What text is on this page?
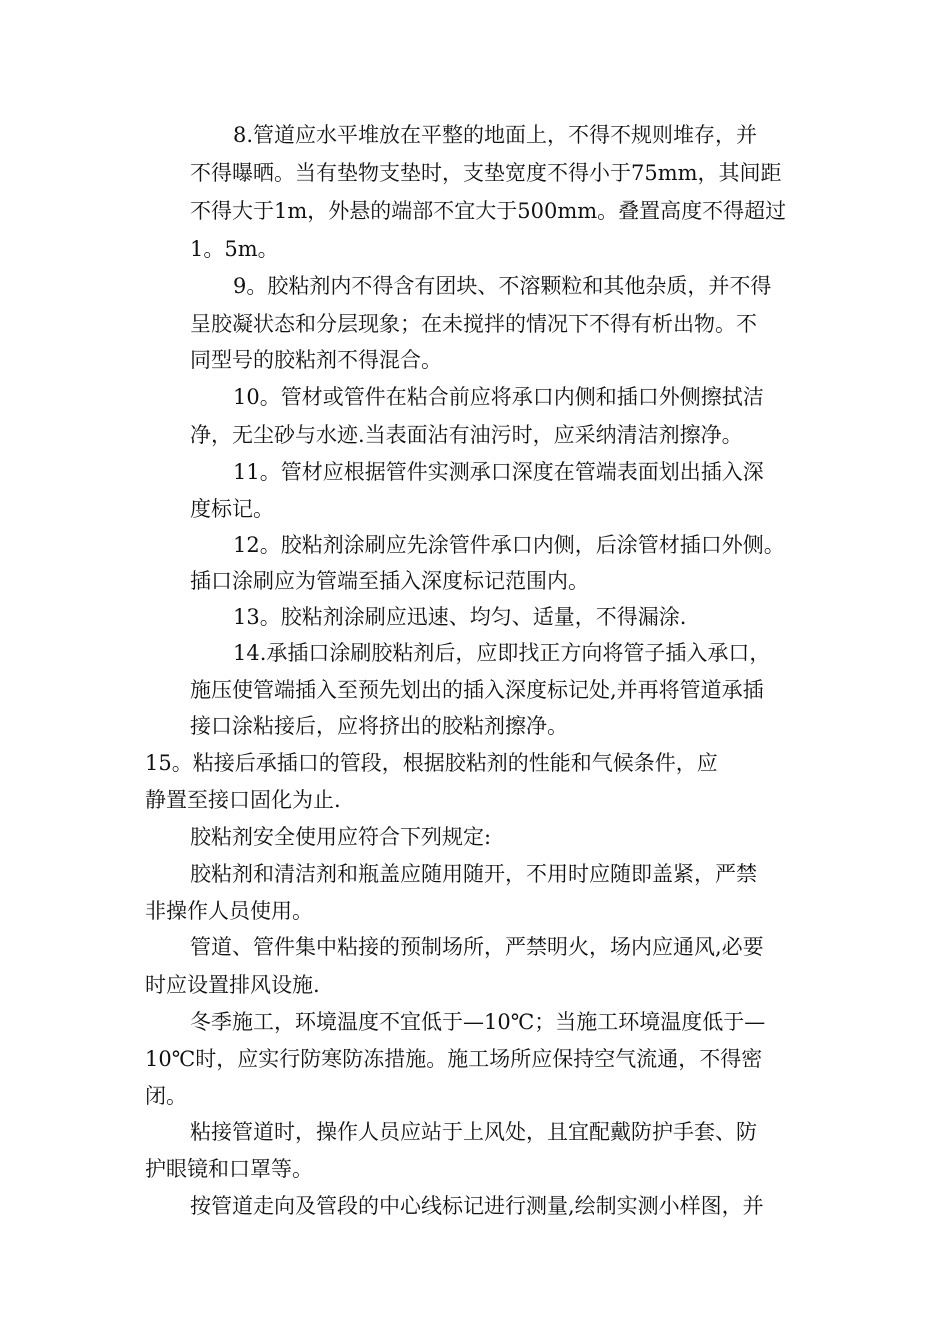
8.管道应水平堆放在平整的地面上，不得不规则堆存，并
不得曝晒。当有垫物支垫时，支垫宽度不得小于75mm，其间距
不得大于1m，外悬的端部不宜大于500mm。叠置高度不得超过
1。5m。
9。胶粘剂内不得含有团块、不溶颗粒和其他杂质，并不得
呈胶凝状态和分层现象；在未搅拌的情况下不得有析出物。不
同型号的胶粘剂不得混合。
10。管材或管件在粘合前应将承口内侧和插口外侧擦拭洁
净，无尘砂与水迹.当表面沾有油污时，应采纳清洁剂擦净。
11。管材应根据管件实测承口深度在管端表面划出插入深
度标记。
12。胶粘剂涂刷应先涂管件承口内侧，后涂管材插口外侧。
插口涂刷应为管端至插入深度标记范围内。
13。胶粘剂涂刷应迅速、均匀、适量，不得漏涂.
14.承插口涂刷胶粘剂后，应即找正方向将管子插入承口，
施压使管端插入至预先划出的插入深度标记处,并再将管道承插
接口涂粘接后，应将挤出的胶粘剂擦净。
15。粘接后承插口的管段，根据胶粘剂的性能和气候条件，应
静置至接口固化为止.
胶粘剂安全使用应符合下列规定:
胶粘剂和清洁剂和瓶盖应随用随开，不用时应随即盖紧，严禁
非操作人员使用。
管道、管件集中粘接的预制场所，严禁明火，场内应通风,必要
时应设置排风设施.
冬季施工，环境温度不宜低于—10℃；当施工环境温度低于—
10℃时，应实行防寒防冻措施。施工场所应保持空气流通，不得密
闭。
粘接管道时，操作人员应站于上风处，且宜配戴防护手套、防
护眼镜和口罩等。
按管道走向及管段的中心线标记进行测量,绘制实测小样图，并
